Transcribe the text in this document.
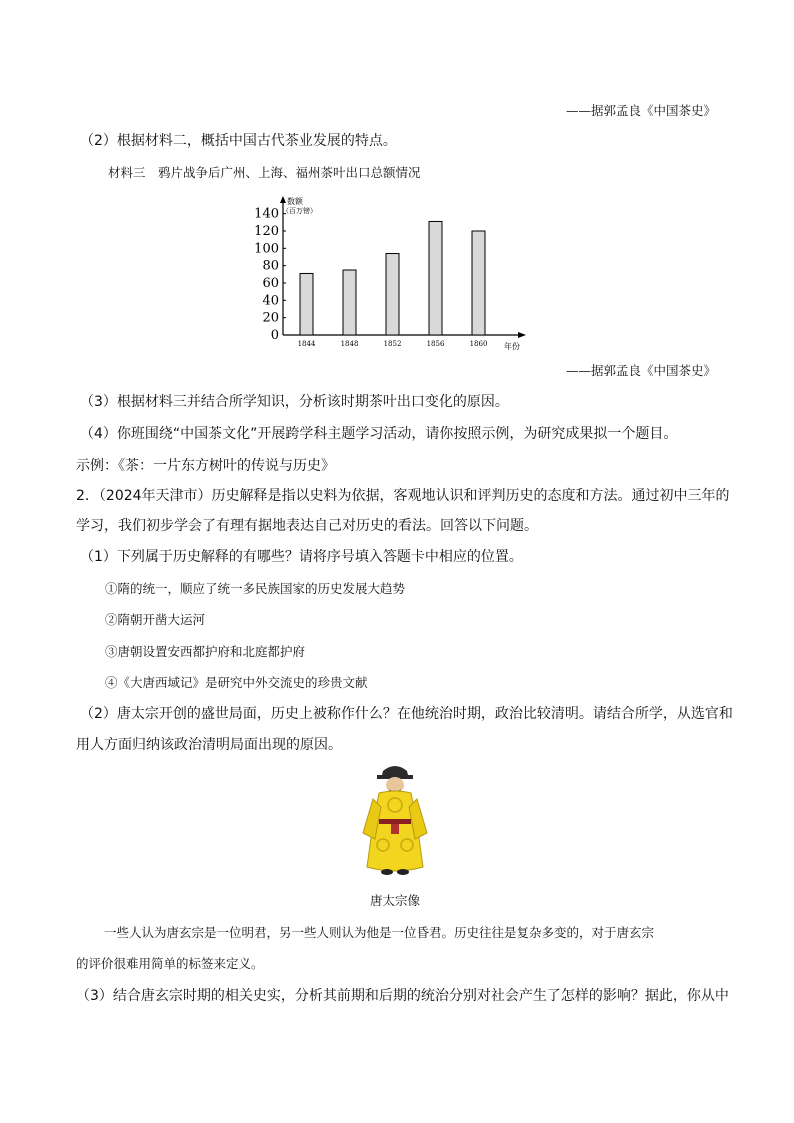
——据郭孟良《中国茶史》
（2）根据材料二，概括中国古代茶业发展的特点。
材料三　鸦片战争后广州、上海、福州茶叶出口总额情况
0
20
40
60
80
100
120
140
数额
（百万镑）
1844	1848	1852	1856	1860 年份
——据郭孟良《中国茶史》
（3）根据材料三并结合所学知识，分析该时期茶叶出口变化的原因。
（4）你班围绕“中国茶文化”开展跨学科主题学习活动，请你按照示例，为研究成果拟一个题目。
示例：《茶：一片东方树叶的传说与历史》
2．（2024年天津市）历史解释是指以史料为依据，客观地认识和评判历史的态度和方法。通过初中三年的
学习，我们初步学会了有理有据地表达自己对历史的看法。回答以下问题。
（1）下列属于历史解释的有哪些？请将序号填入答题卡中相应的位置。
①隋的统一，顺应了统一多民族国家的历史发展大趋势
②隋朝开凿大运河
③唐朝设置安西都护府和北庭都护府
④《大唐西域记》是研究中外交流史的珍贵文献
（2）唐太宗开创的盛世局面，历史上被称作什么？在他统治时期，政治比较清明。请结合所学，从选官和
用人方面归纳该政治清明局面出现的原因。
唐太宗像
一些人认为唐玄宗是一位明君，另一些人则认为他是一位昏君。历史往往是复杂多变的，对于唐玄宗
的评价很难用简单的标签来定义。
（3）结合唐玄宗时期的相关史实，分析其前期和后期的统治分别对社会产生了怎样的影响？据此，你从中
